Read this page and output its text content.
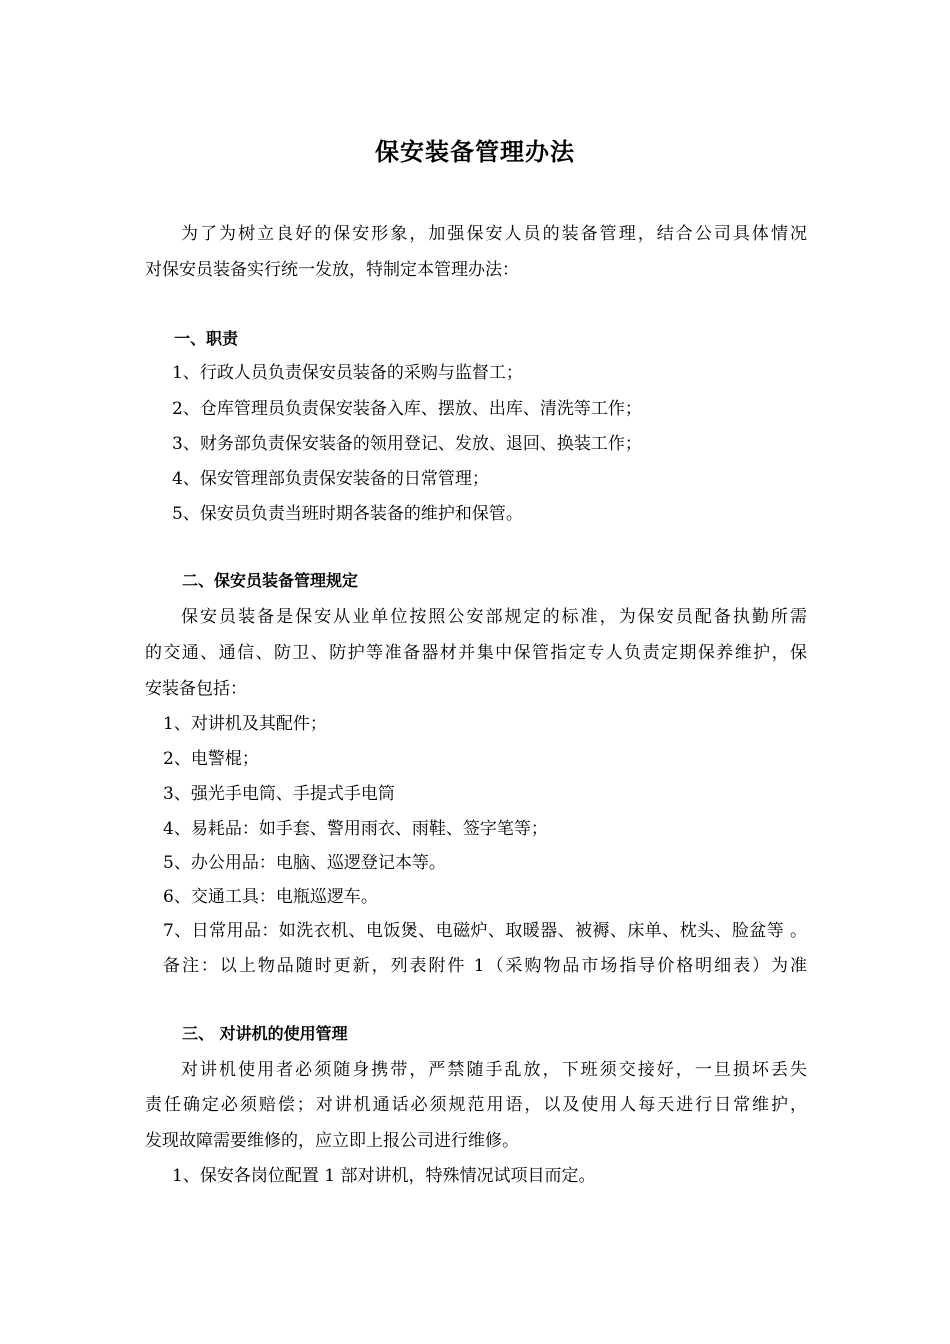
保安装备管理办法
为了为树立良好的保安形象，加强保安人员的装备管理，结合公司具体情况
对保安员装备实行统一发放，特制定本管理办法：
一、职责
1、行政人员负责保安员装备的采购与监督工；
2、仓库管理员负责保安装备入库、摆放、出库、清洗等工作；
3、财务部负责保安装备的领用登记、发放、退回、换装工作；
4、保安管理部负责保安装备的日常管理；
5、保安员负责当班时期各装备的维护和保管。
二、保安员装备管理规定
保安员装备是保安从业单位按照公安部规定的标准，为保安员配备执勤所需
的交通、通信、防卫、防护等准备器材并集中保管指定专人负责定期保养维护，保
安装备包括：
1、对讲机及其配件；
2、电警棍；
3、强光手电筒、手提式手电筒
4、易耗品：如手套、警用雨衣、雨鞋、签字笔等；
5、办公用品：电脑、巡逻登记本等。
6、交通工具：电瓶巡逻车。
7、日常用品：如洗衣机、电饭煲、电磁炉、取暖器、被褥、床单、枕头、脸盆等 。
备注：以上物品随时更新，列表附件 1（采购物品市场指导价格明细表）为准
三、 对讲机的使用管理
对讲机使用者必须随身携带，严禁随手乱放，下班须交接好，一旦损坏丢失
责任确定必须赔偿；对讲机通话必须规范用语，以及使用人每天进行日常维护，
发现故障需要维修的，应立即上报公司进行维修。
1、保安各岗位配置 1 部对讲机，特殊情况试项目而定。
